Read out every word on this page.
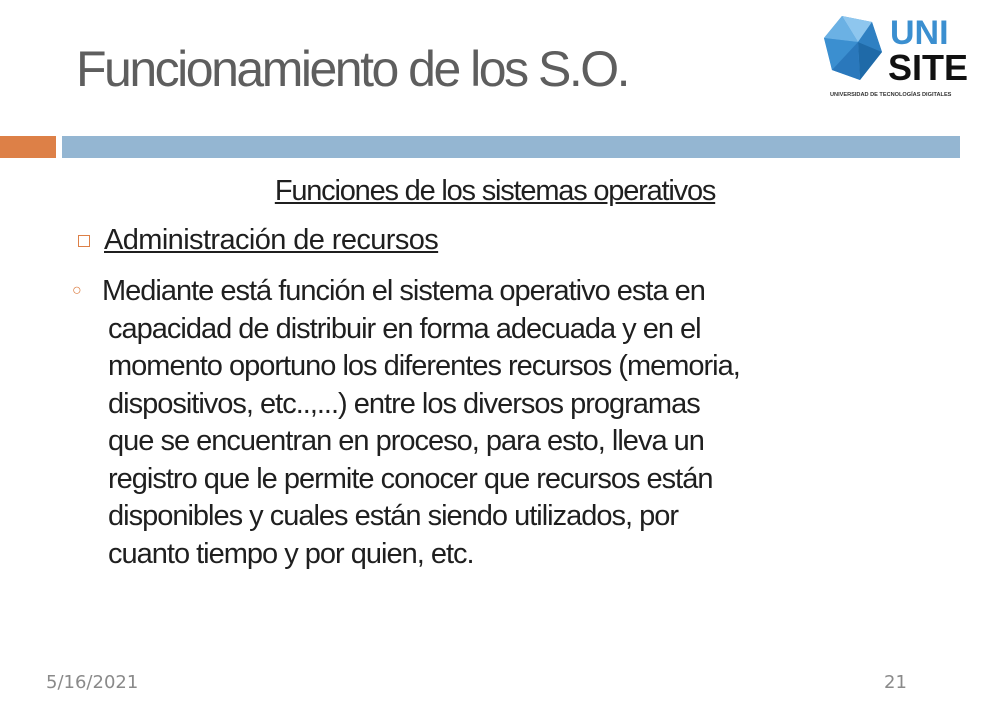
Funcionamiento de los S.O.
UNI
SITE
UNIVERSIDAD DE TECNOLOGÍAS DIGITALES
Funciones de los sistemas operativos
Administración de recursos
○ Mediante está función el sistema operativo esta en
capacidad de distribuir en forma adecuada y en el
momento oportuno los diferentes recursos (memoria,
dispositivos, etc..,...) entre los diversos programas
que se encuentran en proceso, para esto, lleva un
registro que le permite conocer que recursos están
disponibles y cuales están siendo utilizados, por
cuanto tiempo y por quien, etc.
5/16/2021	21
